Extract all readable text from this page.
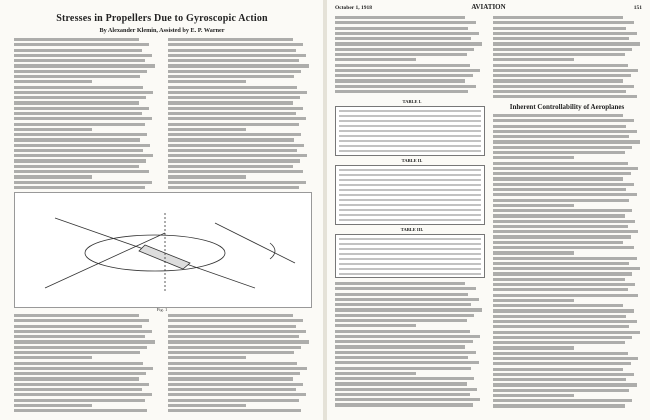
Stresses in Propellers Due to Gyroscopic Action
By Alexander Klemin, Assisted by E. P. Warner
Fig. 1
October 1, 1918	AVIATION	151
TABLE I.
TABLE II.
TABLE III.
Inherent Controllability of Aeroplanes
